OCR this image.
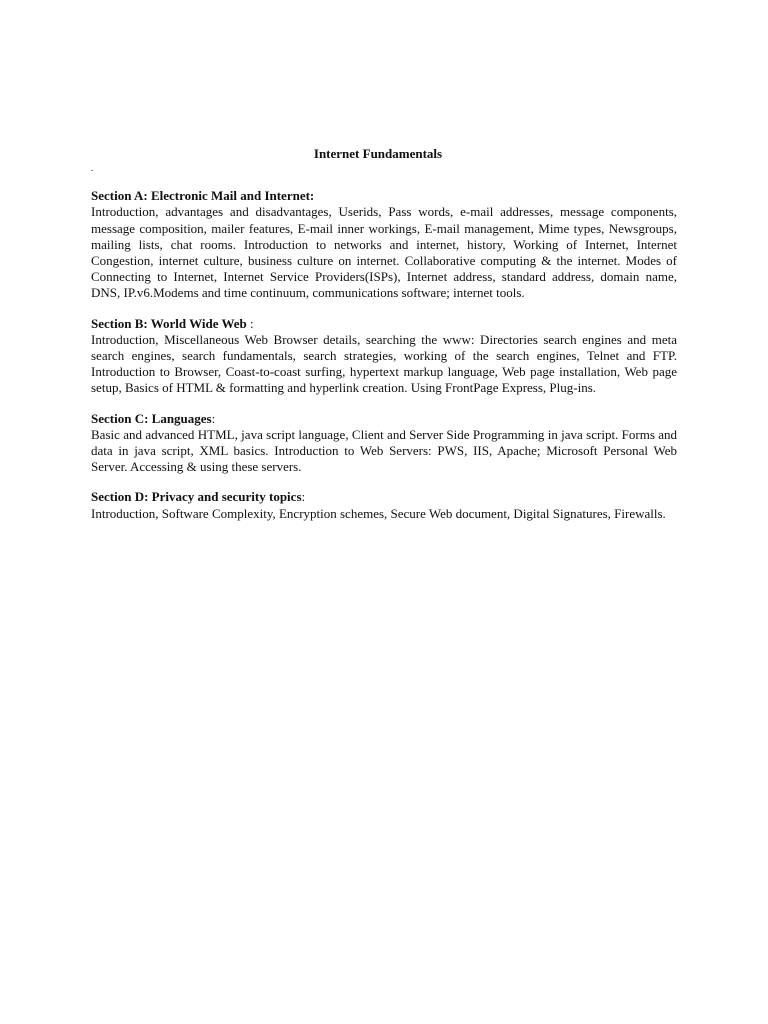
Internet Fundamentals

.

Section A: Electronic Mail and Internet:

Introduction, advantages and disadvantages, Userids, Pass words, e-mail addresses, message components, message composition, mailer features, E-mail inner workings, E-mail management, Mime types, Newsgroups, mailing lists, chat rooms. Introduction to networks and internet, history, Working of Internet, Internet Congestion, internet culture, business culture on internet. Collaborative computing & the internet. Modes of Connecting to Internet, Internet Service Providers(ISPs), Internet address, standard address, domain name, DNS, IP.v6.Modems and time continuum, communications software; internet tools.

Section B: World Wide Web :

Introduction, Miscellaneous Web Browser details, searching the www: Directories search engines and meta search engines, search fundamentals, search strategies, working of the search engines, Telnet and FTP. Introduction to Browser, Coast-to-coast surfing, hypertext markup language, Web page installation, Web page setup, Basics of HTML & formatting and hyperlink creation. Using FrontPage Express, Plug-ins.

Section C: Languages:

Basic and advanced HTML, java script language, Client and Server Side Programming in java script. Forms and data in java script, XML basics. Introduction to Web Servers: PWS, IIS, Apache; Microsoft Personal Web Server. Accessing & using these servers.

Section D: Privacy and security topics:

Introduction, Software Complexity, Encryption schemes, Secure Web document, Digital Signatures, Firewalls.
